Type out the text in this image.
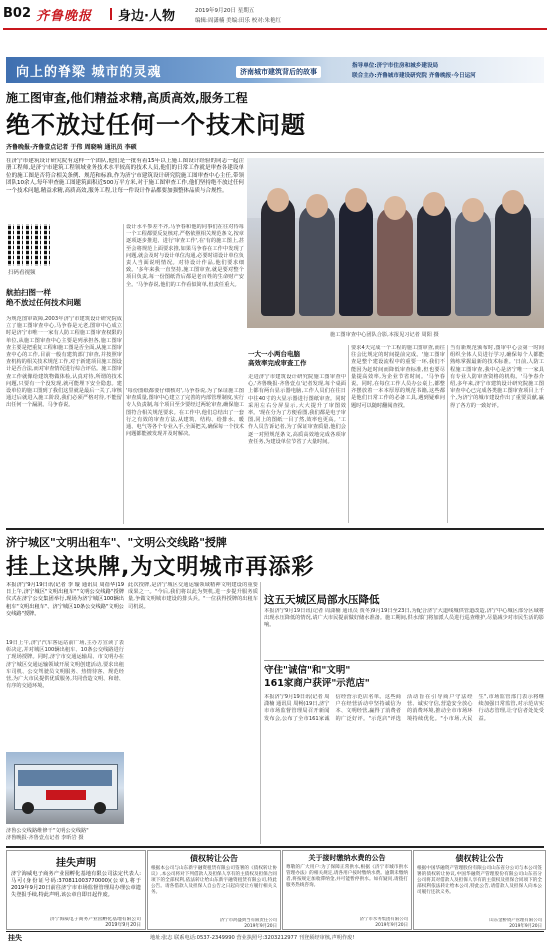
B02 齐鲁晚报 身边·人物	2019年9月20日 星期五
编辑:周潇楠 美编:田乐 校对:朱艳红
向上的脊梁 城市的灵魂	济南城市建筑背后的故事
指导单位:济宁市住房和城乡建设局
联合主办:齐鲁城市建设研究院 齐鲁晚报·今日运河
施工图审查,他们精益求精,高质高效,服务工程
绝不放过任何一个技术问题
齐鲁晚报·齐鲁壹点记者 于伟 周晓响 通讯员 李硕
在济宁市建筑设计研究院有这样一个团队,他们是一批有着15年以上施工图设计经验的同志一起注册工程师,是济宁市建筑工程领域业务技术水平较高的技术人员,他们的日常工作就是审查各建设单位的施工图是否符合相关条例、规范和标准,作为济宁市建筑设计研究院施工图审查中心主任,带领团队10余人,每年审查施工图建筑面积近500万平方米,对于施工图审查工作,他们坚持绝不放过任何一个技术问题,精益求精,高质高效,服务工程,让每一件设计作品都要加强整体品质与合规性。
扫码看视频
航拍扫图一样
绝不放过任何技术问题
为规范图审故障,2003年济宁市建筑设计研究院成立了施工图审查中心,马争春是元老,图审中心成立时是济宁市唯一一家有人防工程施工图审查权限的单位,从施工图审查中心主要是列承担各,施工图审查主要是把重复工程和施工图是否全面,从施工图审查中心的工作,目前一般有建筑部门审查,并按照审查机构的相关技术规范工作,对于新建项目施工图设计是否合法,而对审查情况进行综合评估。施工图审查工作就像给建筑物做体检,认真对待,所谓的技术问题,只要有一个没发现,就可能埋下安全隐患。建设单位的施工图到了我们这里就是最后一关了,审核通过后就进入施工阶段,我们必须严格对待,不能留出任何一个漏洞。马争春说。
设计水平参差不齐,马争春和他的同事们在往对待每一个工程都要反复核对,严格依照相关规范条文,按章逐项逐步推进、进行'审查工作',在'有的施工图上,甚至会将规范上面要求推,如果马争春在工作中发现了问题,就会及时与设计单位沟通,必要时请设计单位负责人当面说明情况。对待设计作品,他们要求细致。'多年来我一直坚持,施工图审查,就是要对整个项目负责,每一份图纸背后都是老百姓的生命财产安全。'马争春说,他们的工作看似简单,但责任重大。
'每份图纸都要仔细核对',马争春说,为了保证施工图审查质量,图审中心建立了完善的内部管理制度,实行专人负责制,每个项目至少要经过两轮审查,确保施工图符合相关规范要求。在工作中,他们总结出了一套行之有效的审查方法,从建筑、结构、给排水、暖通、电气等各个专业入手,全面把关,确保每一个技术问题都能被发现并及时解决。
施工图审查中心团队合影,本报见习记者 周阳 摄
一大一小两台电脑
高效率完成审查工作
走进济宁市建筑设计研究院施工图审查中心,'齐鲁晚报·齐鲁壹点'记者发现,每个桌面上都有两台显示器电脑,工作人员们在往日中往40寸的大显示器进行图纸审查。同时采用左右分屏显示,大大提升了审图效率。'现在分为了方便看图,我们都是电子审图,同上的图纸一目了然,效率也更高。'工作人员告诉记者,为了保证审查质量,他们会逐一对照规范条文,高质高效地完成各项审查任务,为建设单位节省了大量时间。
要求4天完成一个工程的施工图审查,而往往会比规定的时间提前完成。'施工图审查是整个建设流程中的重要一环,我们不能因为赶时间而降低审查标准,但也要尽量提高效率,为企业节省时间。'马争春说。同时,在每位工作人员办公桌上,都整齐摆放着一本本厚厚的规范书籍,这些都是他们日常工作的必备工具,遇到疑难问题时可以随时翻阅查找。
当有新规范颁布时,图审中心会第一时间组织全体人员进行学习,确保每个人都能熟练掌握最新的技术标准。'日前,人防工程施工图审查,我中心是济宁唯一一家具有专业人防审查资格的机构。'马争春介绍,多年来,济宁市建筑设计研究院施工图审查中心已完成各类施工图审查项目上千个,为济宁的城市建设作出了重要贡献,赢得了各方的一致好评。
济宁城区"文明出租车"、"文明公交线路"授牌
挂上这块牌,为文明城市再添彩
本报济宁9月19日讯(记者 李 璇 通讯员 周蓓华)19日上午,济宁城区"文明出租车""文明公交线路"授牌仪式在济宁公交集团举行,现场为济宁城区100辆出租车"文明出租车"、济宁城区10条公交线路"文明公交线路"授牌。
19日上午,济宁汽车客运站前广场,主办方宣读了表彰决定,并对城区100辆出租车、10条公交线路进行了现场授牌。同时,济宁市交通运输局、市文明办在济宁城区交通运输领域开展文明创建活动,要求出租车司机、公交驾驶员文明服务、热情待客、规范经营,为广大市民提供优质服务,共同营造文明、和谐、有序的交通环境。
此次授牌,是济宁城区交通运输领域精神文明建设的重要成果之一。"今后,我们将以此为契机,进一步提升服务质量,争做文明城市建设的排头兵。"一位获得授牌的出租车司机说。
济鲁公交线路维修干"文明公交线路"
济鲁晚报·齐鲁壹点记者 李昕岩 摄
这五天城区局部水压降低
本报济宁9月19日讯(记者 周潇楠 通讯员 贾冬)9月19日至23日,为配合济宁大道线城供管道改造,济宁中心城区部分区域将出现水压降低的情况,请广大市民提前做好储水准备。施工期间,供水部门将加派人员进行巡查维护,尽量减少对市民生活的影响。
守住"诚信"和"文明"
161家商户获评"示范店"
本报济宁9月19日讯(记者 周潇楠 通讯员 周畅)19日,济宁市市场监督管理局召开新闻发布会,公布了全市161家诚信经营示范店名单。这些商户在经营活动中坚持诚信为本、文明经营,赢得了消费者的广泛好评。"示范店"评选活动旨在引导商户守法经营、诚实守信,营造安全放心的消费环境,推动全市市场环境持续优化。"小市场,大民生",市场监管部门表示将继续加强日常监管,对示范店实行动态管理,让守信者处处受益。
挂失声明
济宁海威电子商务产业园孵化基地有限公司法定代表人:马可(身份证号码:370811003770000)(公章),将于2019年9月20日前往济宁市市场监督管理局办理公章遗失登报手续,特此声明,该公章自即日起作废。
济宁海威电子商务产业园孵化基地有限公司
2019年9月20日
债权转让公告
根据本公司与山东新宇融资租赁有限公司签署的《债权转让协议》,本公司将对下列借款人及担保人享有的主债权及担保合同项下的全部权利,依法转让给山东新宇融资租赁有限公司,特此公告。请各借款人及担保人自公告之日起向受让方履行相关义务。
济宁市鸿盛典当有限责任公司
2019年9月20日
关于接时缴纳水费的公告
尊敬的广大用户:为了保障正常供水,根据《济宁市城市供水管理办法》的相关规定,请各用户按时缴纳水费。逾期未缴纳者,将按规定加收滞纳金,并可能暂停供水。如有疑问,请拨打服务热线咨询。
济宁市水务集团有限公司
2019年9月20日
债权转让公告
根据中国华融资产管理股份有限公司山东省分公司与本公司签署的债权转让协议,中国华融资产管理股份有限公司山东省分公司将其对借款人及担保人享有的主债权及担保合同项下的全部权利依法转让给本公司,特此公告,请借款人及担保人向本公司履行还款义务。
山东金桥资产管理有限公司
2019年9月20日
挂失	地址:张志 联系电话:0537-2349990 营业执照号:3203212977 刊登须经审核,声明作废!
